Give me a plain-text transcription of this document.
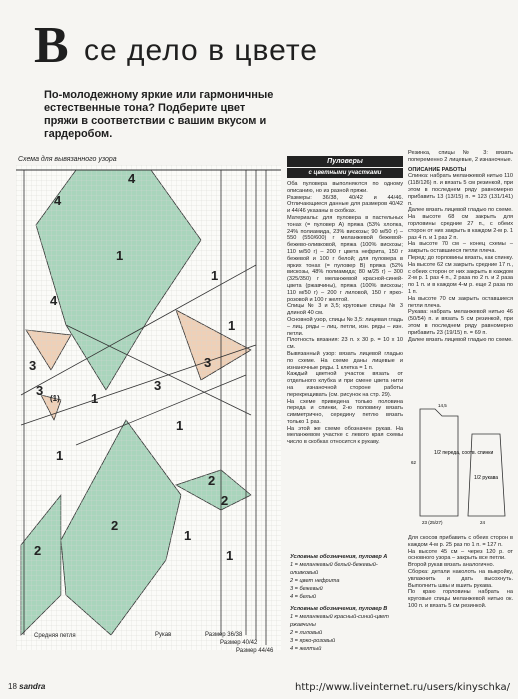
В се дело в цвете
По-молодежному яркие или гармоничные естественные тона? Подберите цвет пряжи в соответствии с вашим вкусом и гардеробом.
Схема для вывязанного узора
4
4
1
1
4
3
1
3
(1) 1
3
3
1
1
2
2
2
2
1
1
Средняя петля	Рукав	Размер 36/38
Размер 40/42
Размер 44/46
Пуловеры
с цветными участками
Оба пуловера выполняются по одному описанию, но из разной пряжи.
Размеры: 36/38, 40/42 и 44/46. Отличающиеся данные для размеров 40/42 и 44/46 указаны в скобках.
Материалы: для пуловера в пастельных тонах (= пуловер А) пряжа (53% хлопка, 24% полиамида, 23% вискозы; 90 м/50 г) – 550 (550/600) г меланжевой бежевой-бежево-оливковой, пряжа (100% вискозы; 110 м/50 г) – 200 г цвета нефрита, 150 г бежевой и 100 г белой; для пуловера в ярких тонах (= пуловер В) пряжа (52% вискозы, 48% полиамида; 80 м/25 г) – 300 (325/350) г меланжевой красной-синей-цвета (ржавчины), пряжа (100% вискозы; 110 м/50 г) – 200 г лиловой, 150 г ярко-розовой и 100 г желтой.
Спицы № 3 и 3,5; круговые спицы № 3 длиной 40 см.
Основной узор, спицы № 3,5: лицевая гладь – лиц. ряды – лиц. петли, изн. ряды – изн. петли.
Плотность вязания: 23 п. х 30 р. = 10 х 10 см.
Вывязанный узор: вязать лицевой гладью по схеме. На схеме даны лицевые и изнаночные ряды. 1 клетка = 1 п.
Каждый цветной участок вязать от отдельного клубка и при смене цвета нити на изнаночной стороне работы перекрещивать (см. рисунок на стр. 29).
На схеме приведена только половина переда и спинки, 2-ю половину вязать симметрично, середину петлю вязать только 1 раз.
На этой же схеме обозначен рукав. На меланжевом участке с левого края схемы число в скобках относится к рукаву.
Условные обозначения, пуловер А
1 = меланжевый белый-бежевый-оливковый
2 = цвет нефрита
3 = бежевый
4 = белый
Условные обозначения, пуловер В
1 = меланжевый красный-синий-цвет ржавчины
2 = лиловый
3 = ярко-розовый
4 = желтый
Резинка, спицы № 3: вязать попеременно 2 лицевые, 2 изнаночные.
ОПИСАНИЕ РАБОТЫ
Спинка: набрать меланжевой нитью 110 (118/126) п. и вязать 5 см резинкой, при этом в последнем ряду равномерно прибавить 13 (13/15) п. = 123 (131/141) п.
Далее вязать лицевой гладью по схеме.
На высоте 68 см закрыть для горловины средние 27 п., с обеих сторон от них закрыть в каждом 2-м р. 1 раз 4 п. и 1 раз 2 п.
На высоте 70 см – конец схемы – закрыть оставшиеся петли плеча.
Перед: до горловины вязать, как спинку. На высоте 62 см закрыть средние 17 п., с обеих сторон от них закрыть в каждом 2-м р. 1 раз 4 п., 2 раза по 2 п. и 2 раза по 1 п. и в каждом 4-м р. еще 2 раза по 1 п.
На высоте 70 см закрыть оставшиеся петли плеча.
Рукава: набрать меланжевой нитью 46 (50/54) п. и вязать 5 см резинкой, при этом в последнем ряду равномерно прибавить 23 (19/15) п. = 69 п.
Далее вязать лицевой гладью по схеме.
1/2 переда, соотв. спинки
1/2 рукава
14,5
62
23 (25/27)	24
Для скосов прибавить с обеих сторон в каждом 4-м р. 25 раз по 1 п. = 127 п.
На высоте 45 см – через 120 р. от основного узора – закрыть все петли.
Второй рукав вязать аналогично.
Сборка: детали наколоть на выкройку, увлажнить и дать высохнуть. Выполнить швы и вшить рукава.
По краю горловины набрать на круговые спицы меланжевой нитью ок. 100 п. и вязать 5 см резинкой.
18 sandra	http://www.liveinternet.ru/users/kinyschka/
